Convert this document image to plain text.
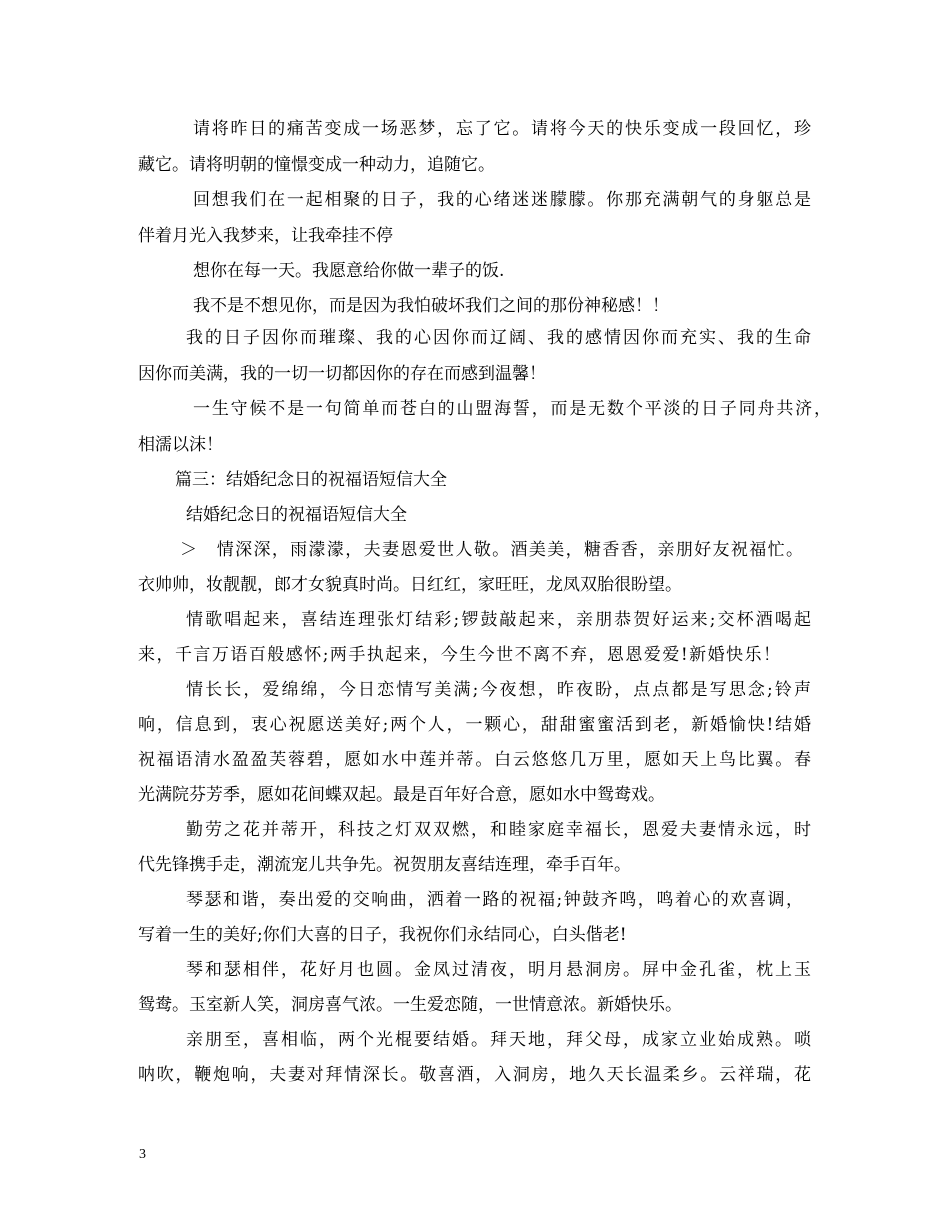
请将昨日的痛苦变成一场恶梦，忘了它。请将今天的快乐变成一段回忆，珍
藏它。请将明朝的憧憬变成一种动力，追随它。
回想我们在一起相聚的日子，我的心绪迷迷朦朦。你那充满朝气的身躯总是
伴着月光入我梦来，让我牵挂不停
想你在每一天。我愿意给你做一辈子的饭.
我不是不想见你，而是因为我怕破坏我们之间的那份神秘感！！
我的日子因你而璀璨、我的心因你而辽阔、我的感情因你而充实、我的生命
因你而美满，我的一切一切都因你的存在而感到温馨！
一生守候不是一句简单而苍白的山盟海誓，而是无数个平淡的日子同舟共济，
相濡以沫！
篇三：结婚纪念日的祝福语短信大全
结婚纪念日的祝福语短信大全
＞　情深深，雨濛濛，夫妻恩爱世人敬。酒美美，糖香香，亲朋好友祝福忙。
衣帅帅，妆靓靓，郎才女貌真时尚。日红红，家旺旺，龙凤双胎很盼望。
情歌唱起来，喜结连理张灯结彩;锣鼓敲起来，亲朋恭贺好运来;交杯酒喝起
来，千言万语百般感怀;两手执起来，今生今世不离不弃，恩恩爱爱!新婚快乐！
情长长，爱绵绵，今日恋情写美满;今夜想，昨夜盼，点点都是写思念;铃声
响，信息到，衷心祝愿送美好;两个人，一颗心，甜甜蜜蜜活到老，新婚愉快!结婚
祝福语清水盈盈芙蓉碧，愿如水中莲并蒂。白云悠悠几万里，愿如天上鸟比翼。春
光满院芬芳季，愿如花间蝶双起。最是百年好合意，愿如水中鸳鸯戏。
勤劳之花并蒂开，科技之灯双双燃，和睦家庭幸福长，恩爱夫妻情永远，时
代先锋携手走，潮流宠儿共争先。祝贺朋友喜结连理，牵手百年。
琴瑟和谐，奏出爱的交响曲，洒着一路的祝福;钟鼓齐鸣，鸣着心的欢喜调，
写着一生的美好;你们大喜的日子，我祝你们永结同心，白头偕老!
琴和瑟相伴，花好月也圆。金凤过清夜，明月悬洞房。屏中金孔雀，枕上玉
鸳鸯。玉室新人笑，洞房喜气浓。一生爱恋随，一世情意浓。新婚快乐。
亲朋至，喜相临，两个光棍要结婚。拜天地，拜父母，成家立业始成熟。唢
呐吹，鞭炮响，夫妻对拜情深长。敬喜酒，入洞房，地久天长温柔乡。云祥瑞，花
3
